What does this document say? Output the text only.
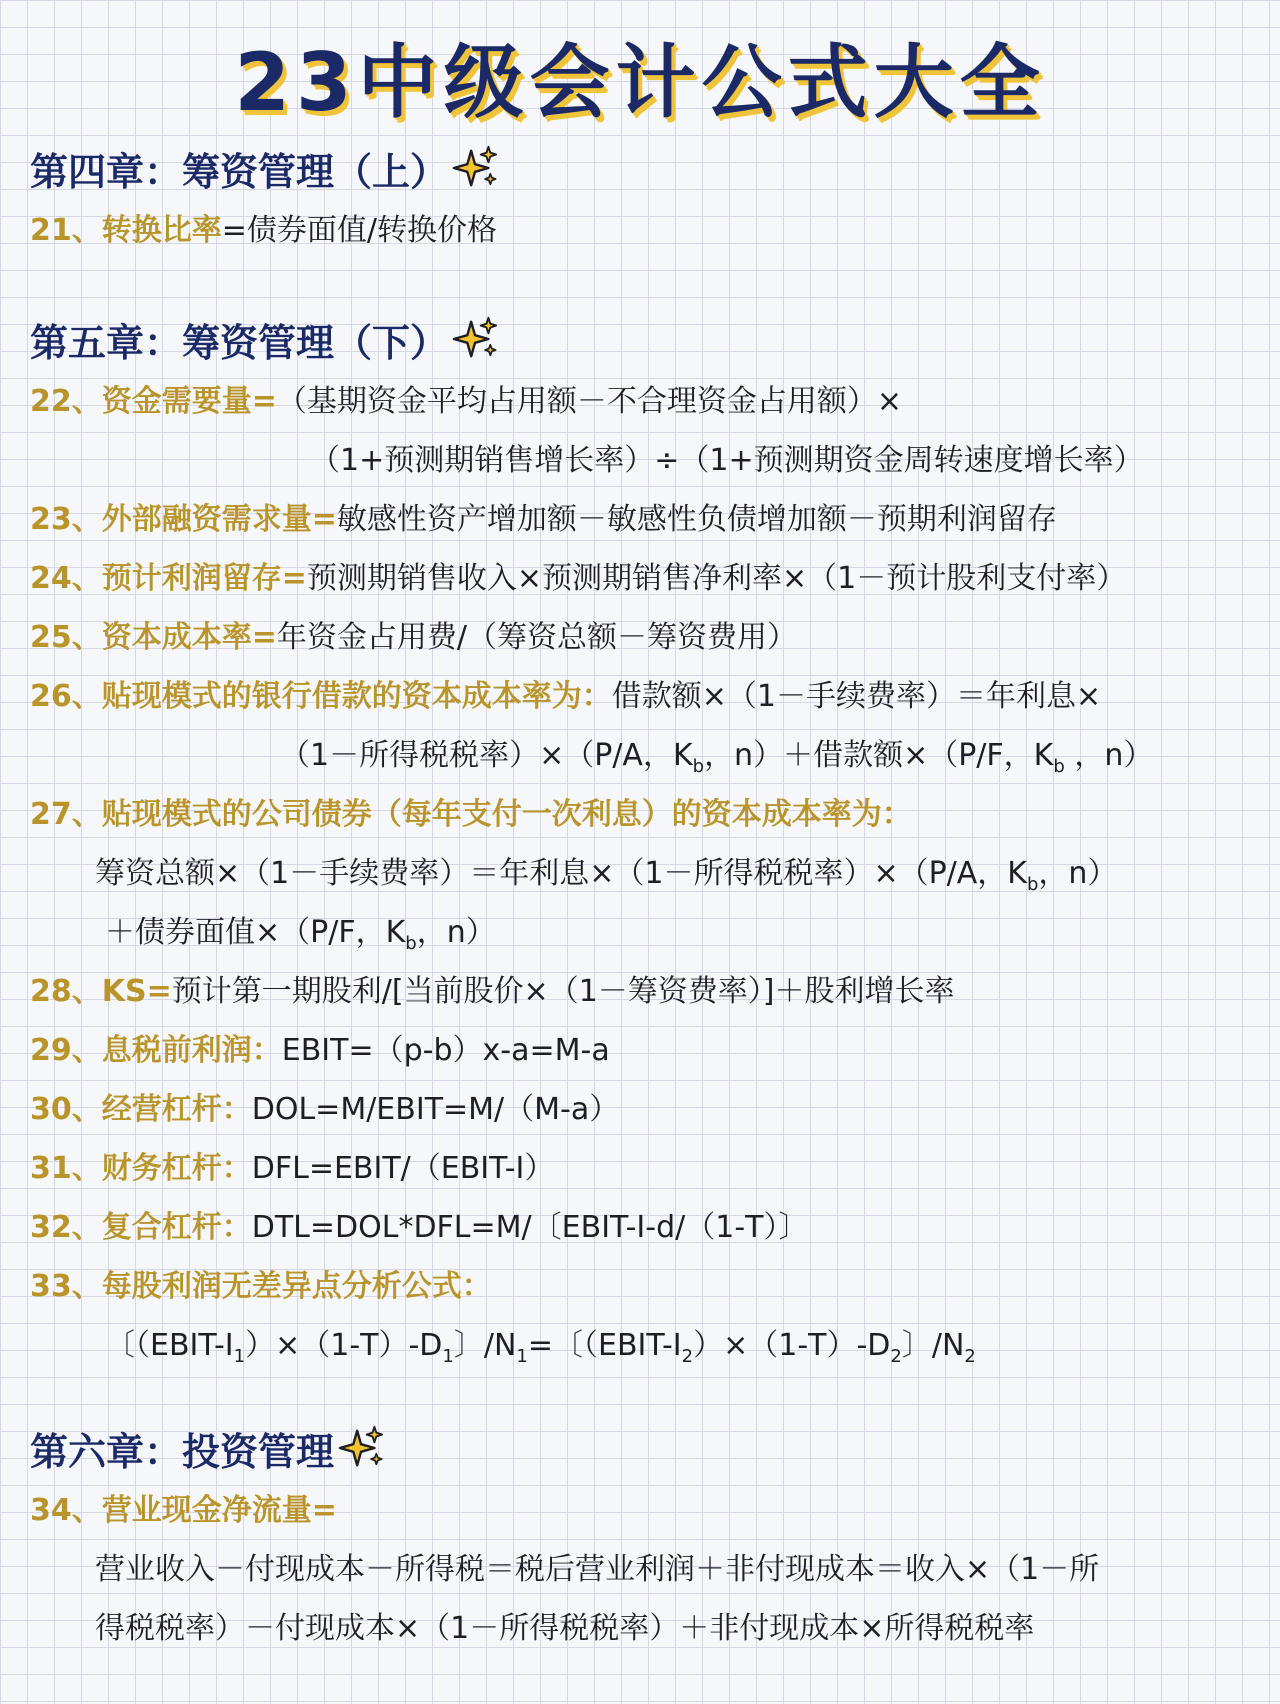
23中级会计公式大全
第四章：筹资管理（上）
21、转换比率=债券面值/转换价格
第五章：筹资管理（下）
22、资金需要量=（基期资金平均占用额－不合理资金占用额）×
（1+预测期销售增长率）÷（1+预测期资金周转速度增长率）
23、外部融资需求量=敏感性资产增加额－敏感性负债增加额－预期利润留存
24、预计利润留存=预测期销售收入×预测期销售净利率×（1－预计股利支付率）
25、资本成本率=年资金占用费/（筹资总额－筹资费用）
26、贴现模式的银行借款的资本成本率为：借款额×（1－手续费率）＝年利息×
（1－所得税税率）×（P/A，$K_b$，n）＋借款额×（P/F，$K_b$ ，n）
27、贴现模式的公司债券（每年支付一次利息）的资本成本率为：
筹资总额×（1－手续费率）＝年利息×（1－所得税税率）×（P/A，$K_b$，n）
＋债券面值×（P/F，$K_b$，n）
28、KS=预计第一期股利/[当前股价×（1－筹资费率）]＋股利增长率
29、息税前利润：EBIT=（p-b）x-a=M-a
30、经营杠杆：DOL=M/EBIT=M/（M-a）
31、财务杠杆：DFL=EBIT/（EBIT-I）
32、复合杠杆：DTL=DOL*DFL=M/〔EBIT-I-d/（1-T）〕
33、每股利润无差异点分析公式：
〔$(EBIT-I_1)\times(1-T)-D_1$〕$/N_1=$〔$(EBIT-I_2)\times(1-T)-D_2$〕$/N_2$
第六章：投资管理
34、营业现金净流量=
营业收入－付现成本－所得税＝税后营业利润＋非付现成本＝收入×（1－所
得税税率）－付现成本×（1－所得税税率）＋非付现成本×所得税税率
